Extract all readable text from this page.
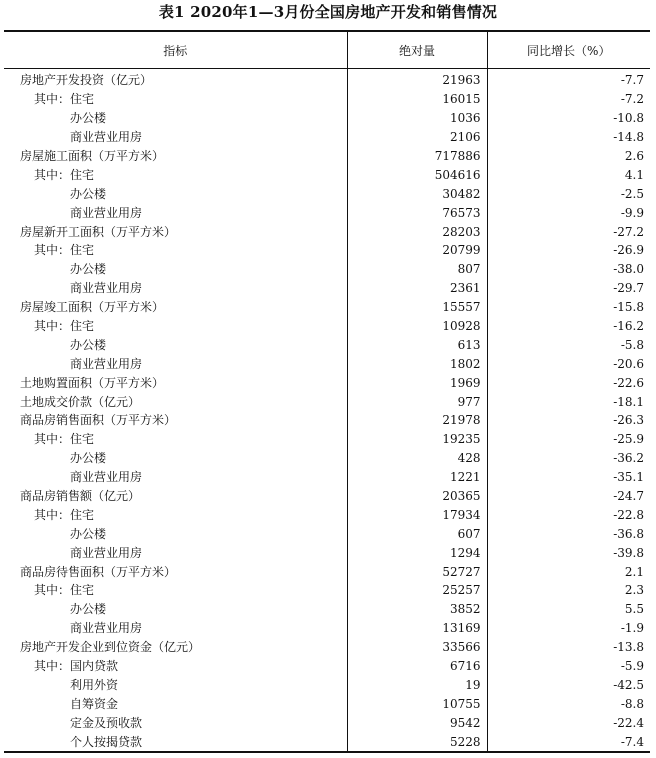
表1 2020年1—3月份全国房地产开发和销售情况
指标	绝对量	同比增长（%）
房地产开发投资（亿元）	21963	-7.7
其中：住宅	16015	-7.2
办公楼	1036	-10.8
商业营业用房	2106	-14.8
房屋施工面积（万平方米）	717886	2.6
其中：住宅	504616	4.1
办公楼	30482	-2.5
商业营业用房	76573	-9.9
房屋新开工面积（万平方米）	28203	-27.2
其中：住宅	20799	-26.9
办公楼	807	-38.0
商业营业用房	2361	-29.7
房屋竣工面积（万平方米）	15557	-15.8
其中：住宅	10928	-16.2
办公楼	613	-5.8
商业营业用房	1802	-20.6
土地购置面积（万平方米）	1969	-22.6
土地成交价款（亿元）	977	-18.1
商品房销售面积（万平方米）	21978	-26.3
其中：住宅	19235	-25.9
办公楼	428	-36.2
商业营业用房	1221	-35.1
商品房销售额（亿元）	20365	-24.7
其中：住宅	17934	-22.8
办公楼	607	-36.8
商业营业用房	1294	-39.8
商品房待售面积（万平方米）	52727	2.1
其中：住宅	25257	2.3
办公楼	3852	5.5
商业营业用房	13169	-1.9
房地产开发企业到位资金（亿元）	33566	-13.8
其中：国内贷款	6716	-5.9
利用外资	19	-42.5
自筹资金	10755	-8.8
定金及预收款	9542	-22.4
个人按揭贷款	5228	-7.4
